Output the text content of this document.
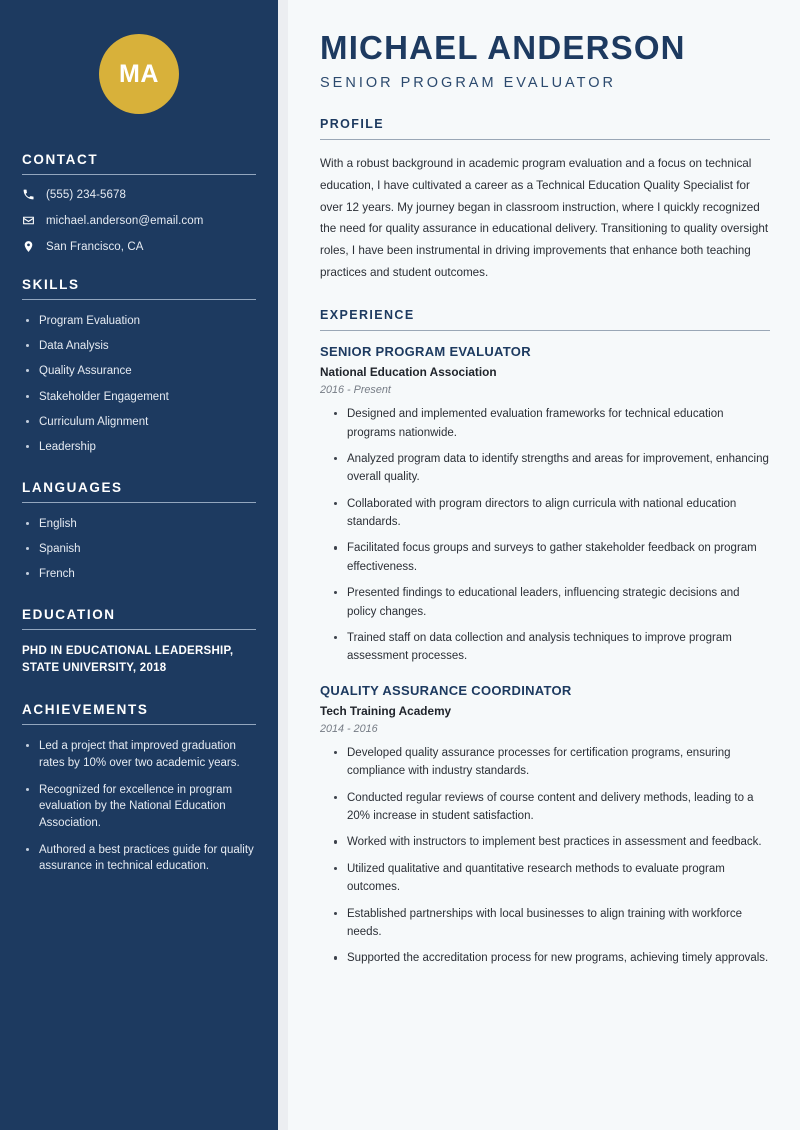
MA
CONTACT
(555) 234-5678
michael.anderson@email.com
San Francisco, CA
SKILLS
Program Evaluation
Data Analysis
Quality Assurance
Stakeholder Engagement
Curriculum Alignment
Leadership
LANGUAGES
English
Spanish
French
EDUCATION
PHD IN EDUCATIONAL LEADERSHIP, STATE UNIVERSITY, 2018
ACHIEVEMENTS
Led a project that improved graduation rates by 10% over two academic years.
Recognized for excellence in program evaluation by the National Education Association.
Authored a best practices guide for quality assurance in technical education.
MICHAEL ANDERSON
SENIOR PROGRAM EVALUATOR
PROFILE

With a robust background in academic program evaluation and a focus on technical education, I have cultivated a career as a Technical Education Quality Specialist for over 12 years. My journey began in classroom instruction, where I quickly recognized the need for quality assurance in educational delivery. Transitioning to quality oversight roles, I have been instrumental in driving improvements that enhance both teaching practices and student outcomes.

EXPERIENCE
SENIOR PROGRAM EVALUATOR
National Education Association
2016 - Present
Designed and implemented evaluation frameworks for technical education programs nationwide.
Analyzed program data to identify strengths and areas for improvement, enhancing overall quality.
Collaborated with program directors to align curricula with national education standards.
Facilitated focus groups and surveys to gather stakeholder feedback on program effectiveness.
Presented findings to educational leaders, influencing strategic decisions and policy changes.
Trained staff on data collection and analysis techniques to improve program assessment processes.
QUALITY ASSURANCE COORDINATOR
Tech Training Academy
2014 - 2016
Developed quality assurance processes for certification programs, ensuring compliance with industry standards.
Conducted regular reviews of course content and delivery methods, leading to a 20% increase in student satisfaction.
Worked with instructors to implement best practices in assessment and feedback.
Utilized qualitative and quantitative research methods to evaluate program outcomes.
Established partnerships with local businesses to align training with workforce needs.
Supported the accreditation process for new programs, achieving timely approvals.
